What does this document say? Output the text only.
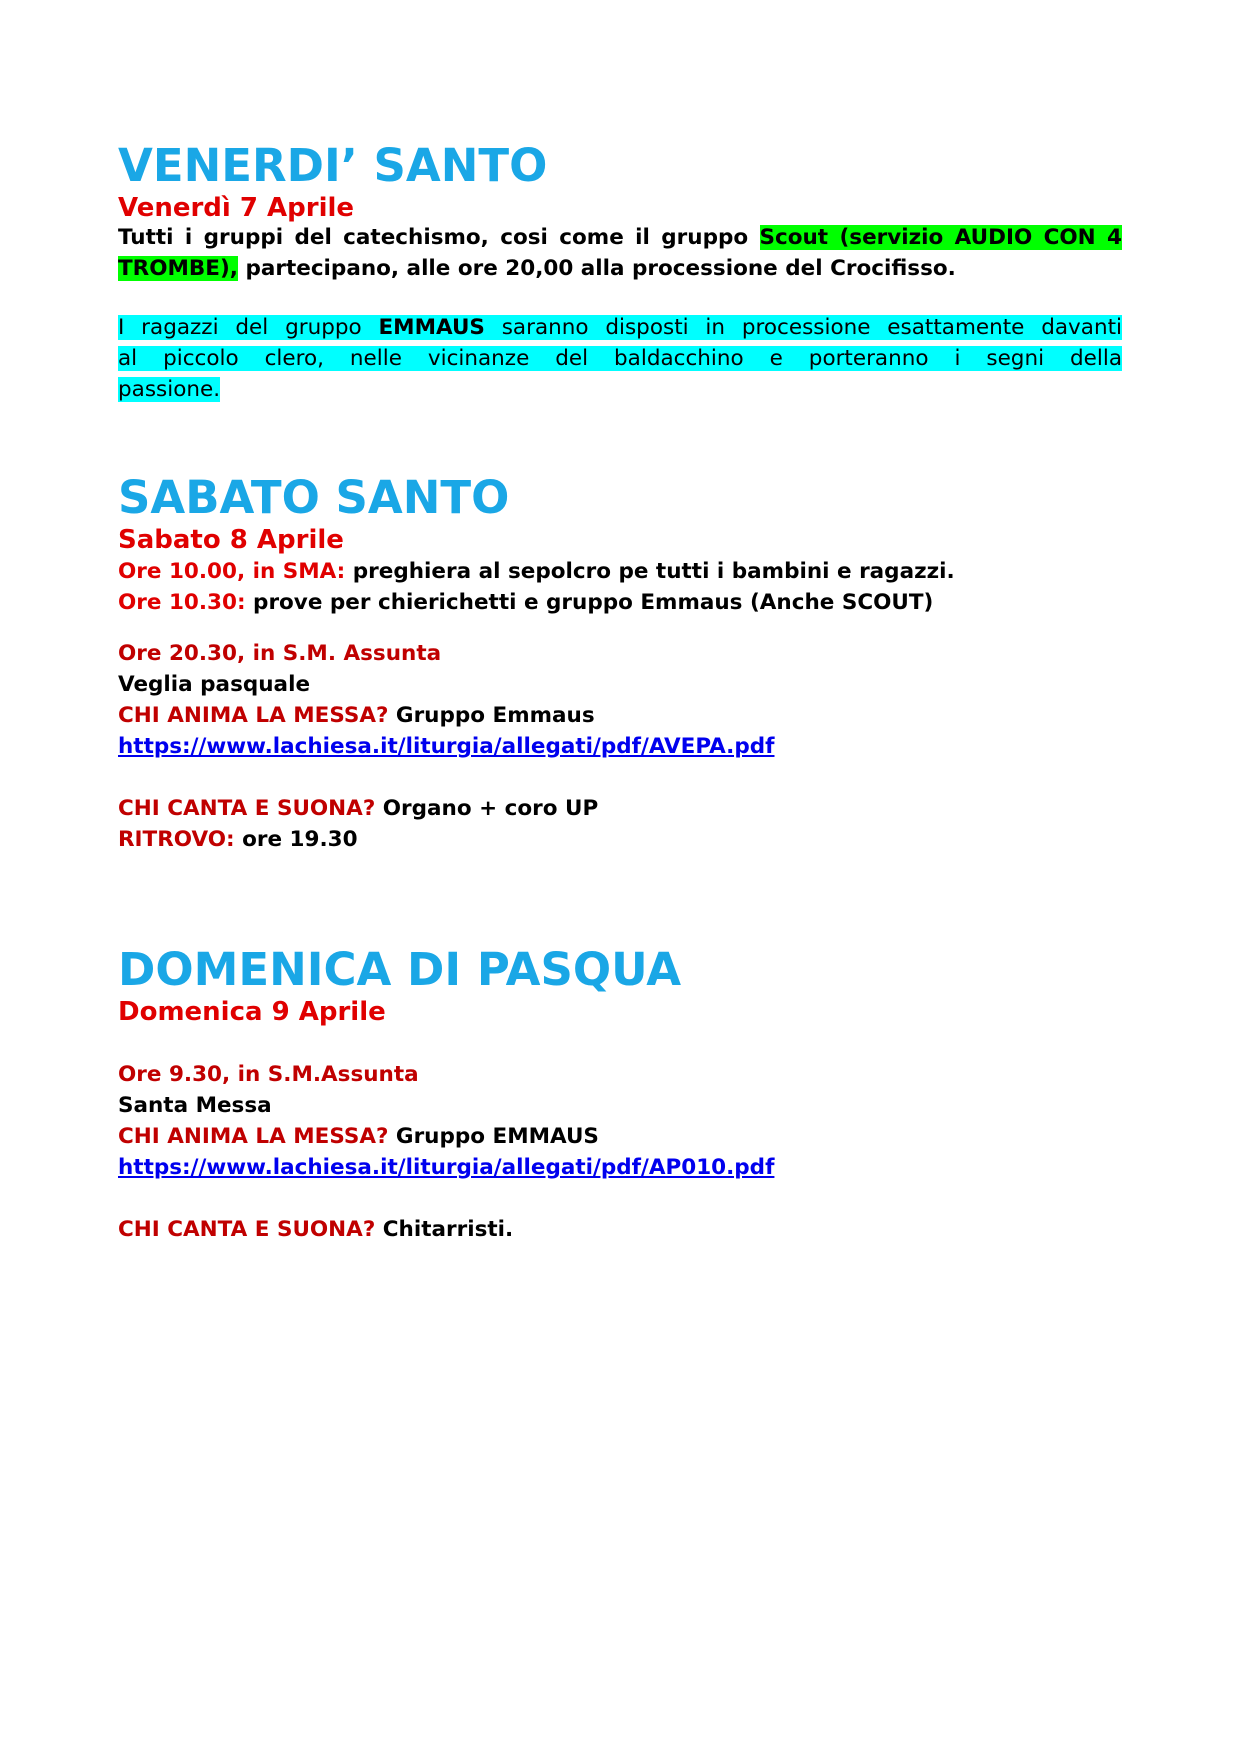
VENERDI’ SANTO

Venerdì 7 Aprile

Tutti i gruppi del catechismo, cosi come il gruppo Scout (servizio AUDIO CON 4

TROMBE), partecipano, alle ore 20,00 alla processione del Crocifisso.

I ragazzi del gruppo EMMAUS saranno disposti in processione esattamente davanti

al piccolo clero, nelle vicinanze del baldacchino e porteranno i segni della

passione.

SABATO SANTO

Sabato 8 Aprile

Ore 10.00, in SMA: preghiera al sepolcro pe tutti i bambini e ragazzi.

Ore 10.30: prove per chierichetti e gruppo Emmaus (Anche SCOUT)

Ore 20.30, in S.M. Assunta

Veglia pasquale

CHI ANIMA LA MESSA? Gruppo Emmaus

https://www.lachiesa.it/liturgia/allegati/pdf/AVEPA.pdf

CHI CANTA E SUONA? Organo + coro UP

RITROVO: ore 19.30

DOMENICA DI PASQUA

Domenica 9 Aprile

Ore 9.30, in S.M.Assunta

Santa Messa

CHI ANIMA LA MESSA? Gruppo EMMAUS

https://www.lachiesa.it/liturgia/allegati/pdf/AP010.pdf

CHI CANTA E SUONA? Chitarristi.
